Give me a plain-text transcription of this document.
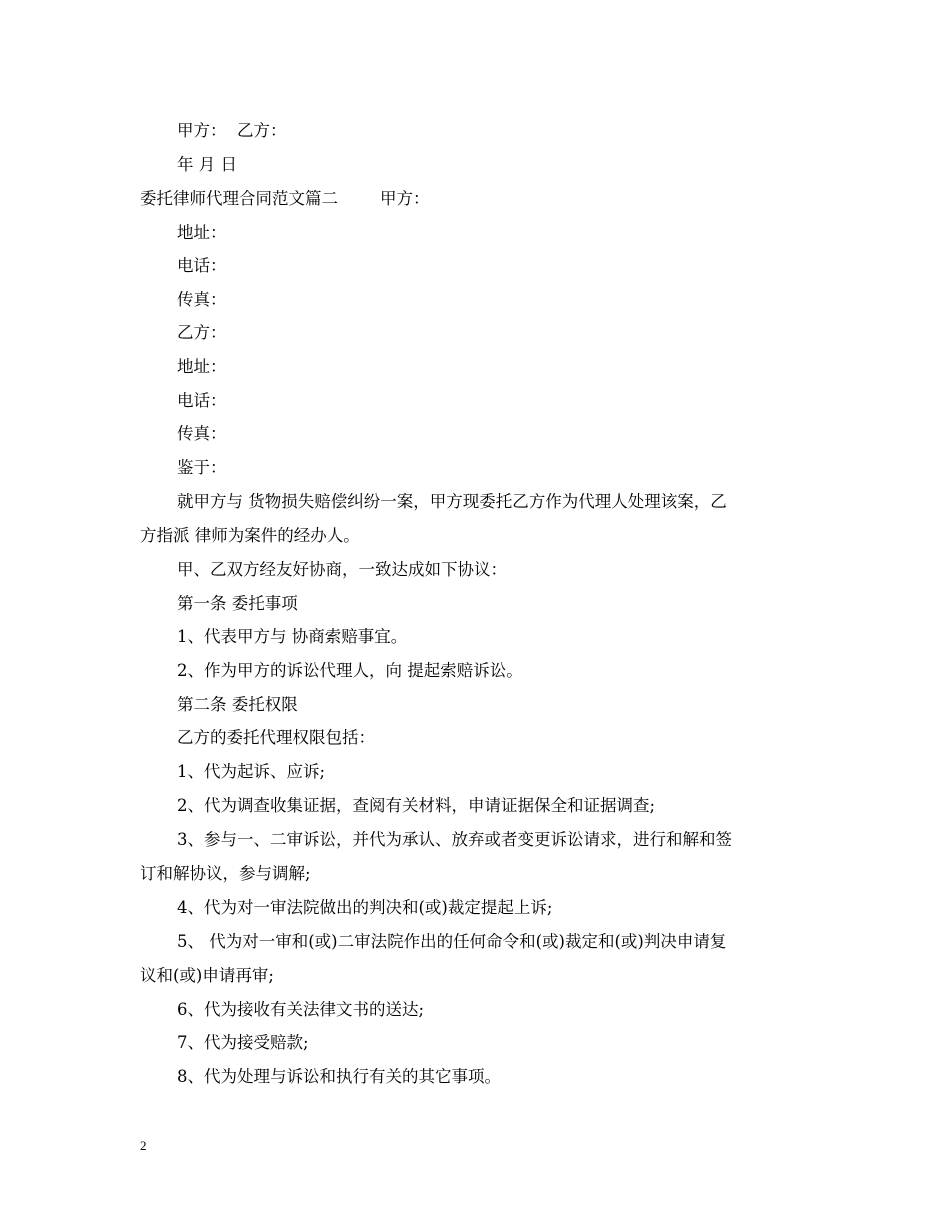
甲方：  乙方：
年 月 日
委托律师代理合同范文篇二        甲方：
地址：
电话：
传真：
乙方：
地址：
电话：
传真：
鉴于：
就甲方与 货物损失赔偿纠纷一案，甲方现委托乙方作为代理人处理该案，乙
方指派 律师为案件的经办人。
甲、乙双方经友好协商，一致达成如下协议：
第一条 委托事项
1、代表甲方与 协商索赔事宜。
2、作为甲方的诉讼代理人，向 提起索赔诉讼。
第二条 委托权限
乙方的委托代理权限包括：
1、代为起诉、应诉;
2、代为调查收集证据，查阅有关材料，申请证据保全和证据调查;
3、参与一、二审诉讼，并代为承认、放弃或者变更诉讼请求，进行和解和签
订和解协议，参与调解;
4、代为对一审法院做出的判决和(或)裁定提起上诉;
5、 代为对一审和(或)二审法院作出的任何命令和(或)裁定和(或)判决申请复
议和(或)申请再审;
6、代为接收有关法律文书的送达;
7、代为接受赔款;
8、代为处理与诉讼和执行有关的其它事项。
2
